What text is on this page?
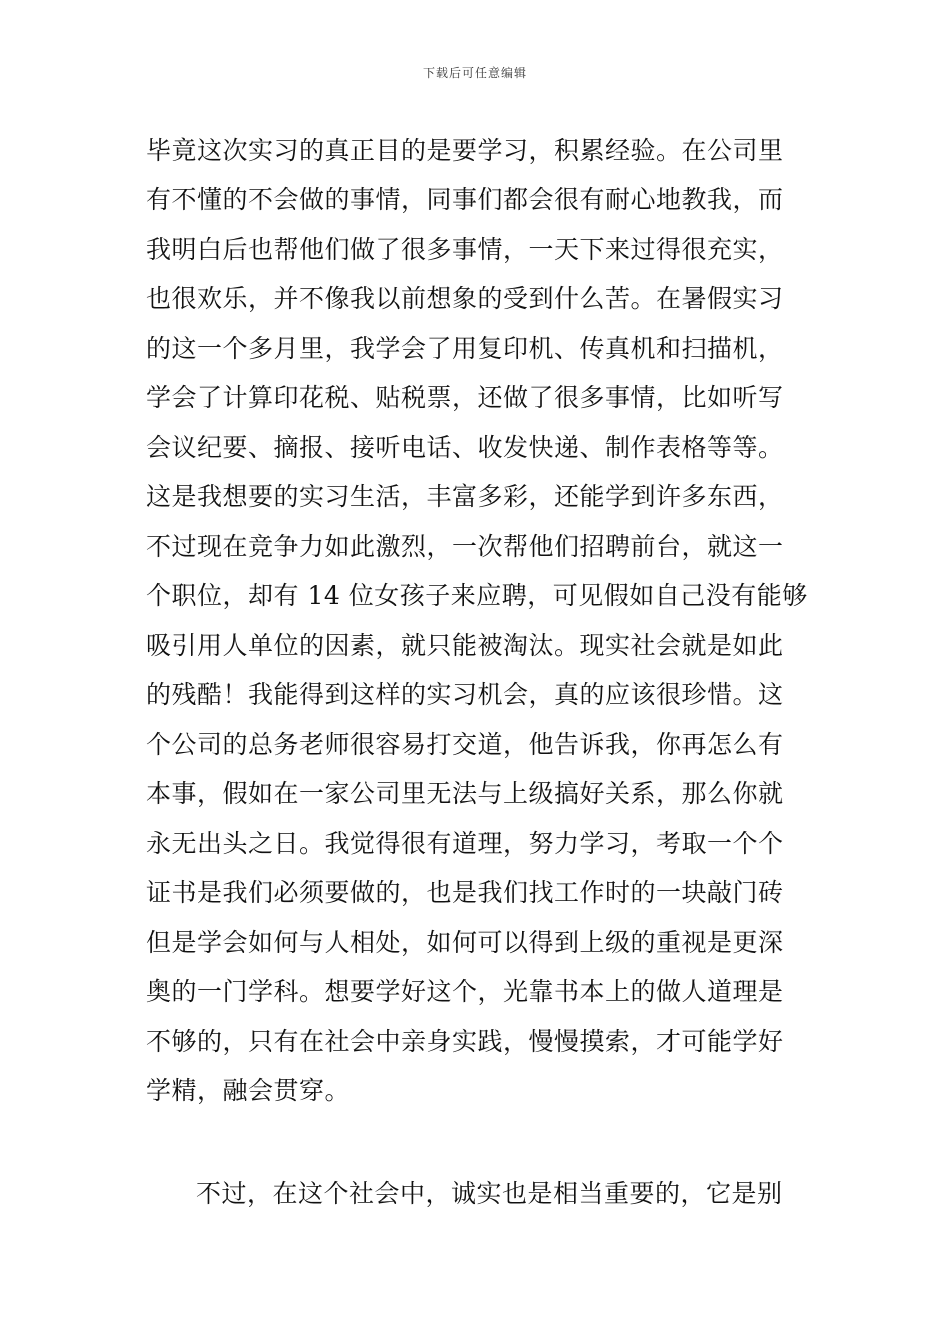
下载后可任意编辑
毕竟这次实习的真正目的是要学习，积累经验。在公司里
有不懂的不会做的事情，同事们都会很有耐心地教我，而
我明白后也帮他们做了很多事情，一天下来过得很充实，
也很欢乐，并不像我以前想象的受到什么苦。在暑假实习
的这一个多月里，我学会了用复印机、传真机和扫描机，
学会了计算印花税、贴税票，还做了很多事情，比如听写
会议纪要、摘报、接听电话、收发快递、制作表格等等。
这是我想要的实习生活，丰富多彩，还能学到许多东西，
不过现在竞争力如此激烈，一次帮他们招聘前台，就这一
个职位，却有 14 位女孩子来应聘，可见假如自己没有能够
吸引用人单位的因素，就只能被淘汰。现实社会就是如此
的残酷！我能得到这样的实习机会，真的应该很珍惜。这
个公司的总务老师很容易打交道，他告诉我，你再怎么有
本事，假如在一家公司里无法与上级搞好关系，那么你就
永无出头之日。我觉得很有道理，努力学习，考取一个个
证书是我们必须要做的，也是我们找工作时的一块敲门砖
但是学会如何与人相处，如何可以得到上级的重视是更深
奥的一门学科。想要学好这个，光靠书本上的做人道理是
不够的，只有在社会中亲身实践，慢慢摸索，才可能学好
学精，融会贯穿。
不过，在这个社会中，诚实也是相当重要的，它是别
